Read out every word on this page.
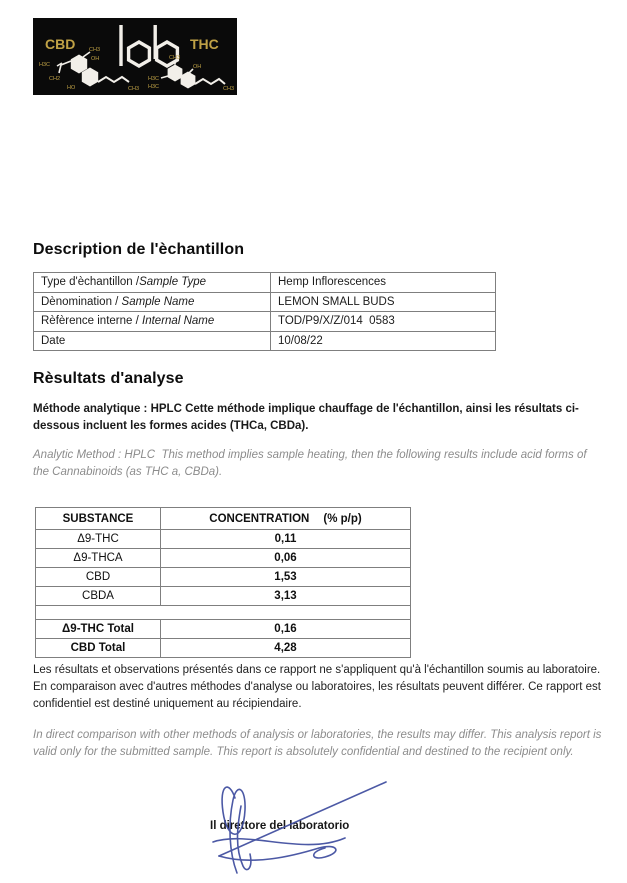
CBD	THC
H3C
CH3
OH
CH2
HO	CH3
CH3
OH
H3C
H3C	CH3
Description de l'èchantillon
Type d'èchantillon /Sample Type	Hemp Inflorescences
Dènomination / Sample Name	LEMON SMALL BUDS
Rèfèrence interne / Internal Name	TOD/P9/X/Z/014  0583
Date	10/08/22
Rèsultats d'analyse

Méthode analytique : HPLC Cette méthode implique chauffage de l'échantillon, ainsi les résultats ci-dessous incluent les formes acides (THCa, CBDa).

Analytic Method : HPLC  This method implies sample heating, then the following results include acid forms of the Cannabinoids (as THC a, CBDa).

SUBSTANCE	CONCENTRATION (% p/p)
Δ9-THC	0,11
Δ9-THCA	0,06
CBD	1,53
CBDA	3,13

Δ9-THC Total	0,16
CBD Total	4,28

Les résultats et observations présentés dans ce rapport ne s'appliquent qu'à l'échantillon soumis au laboratoire. En comparaison avec d'autres méthodes d'analyse ou laboratoires, les résultats peuvent différer. Ce rapport est confidentiel est destiné uniquement au récipiendaire.

In direct comparison with other methods of analysis or laboratories, the results may differ. This analysis report is valid only for the submitted sample. This report is absolutely confidential and destined to the recipient only.

Il direttore del laboratorio
